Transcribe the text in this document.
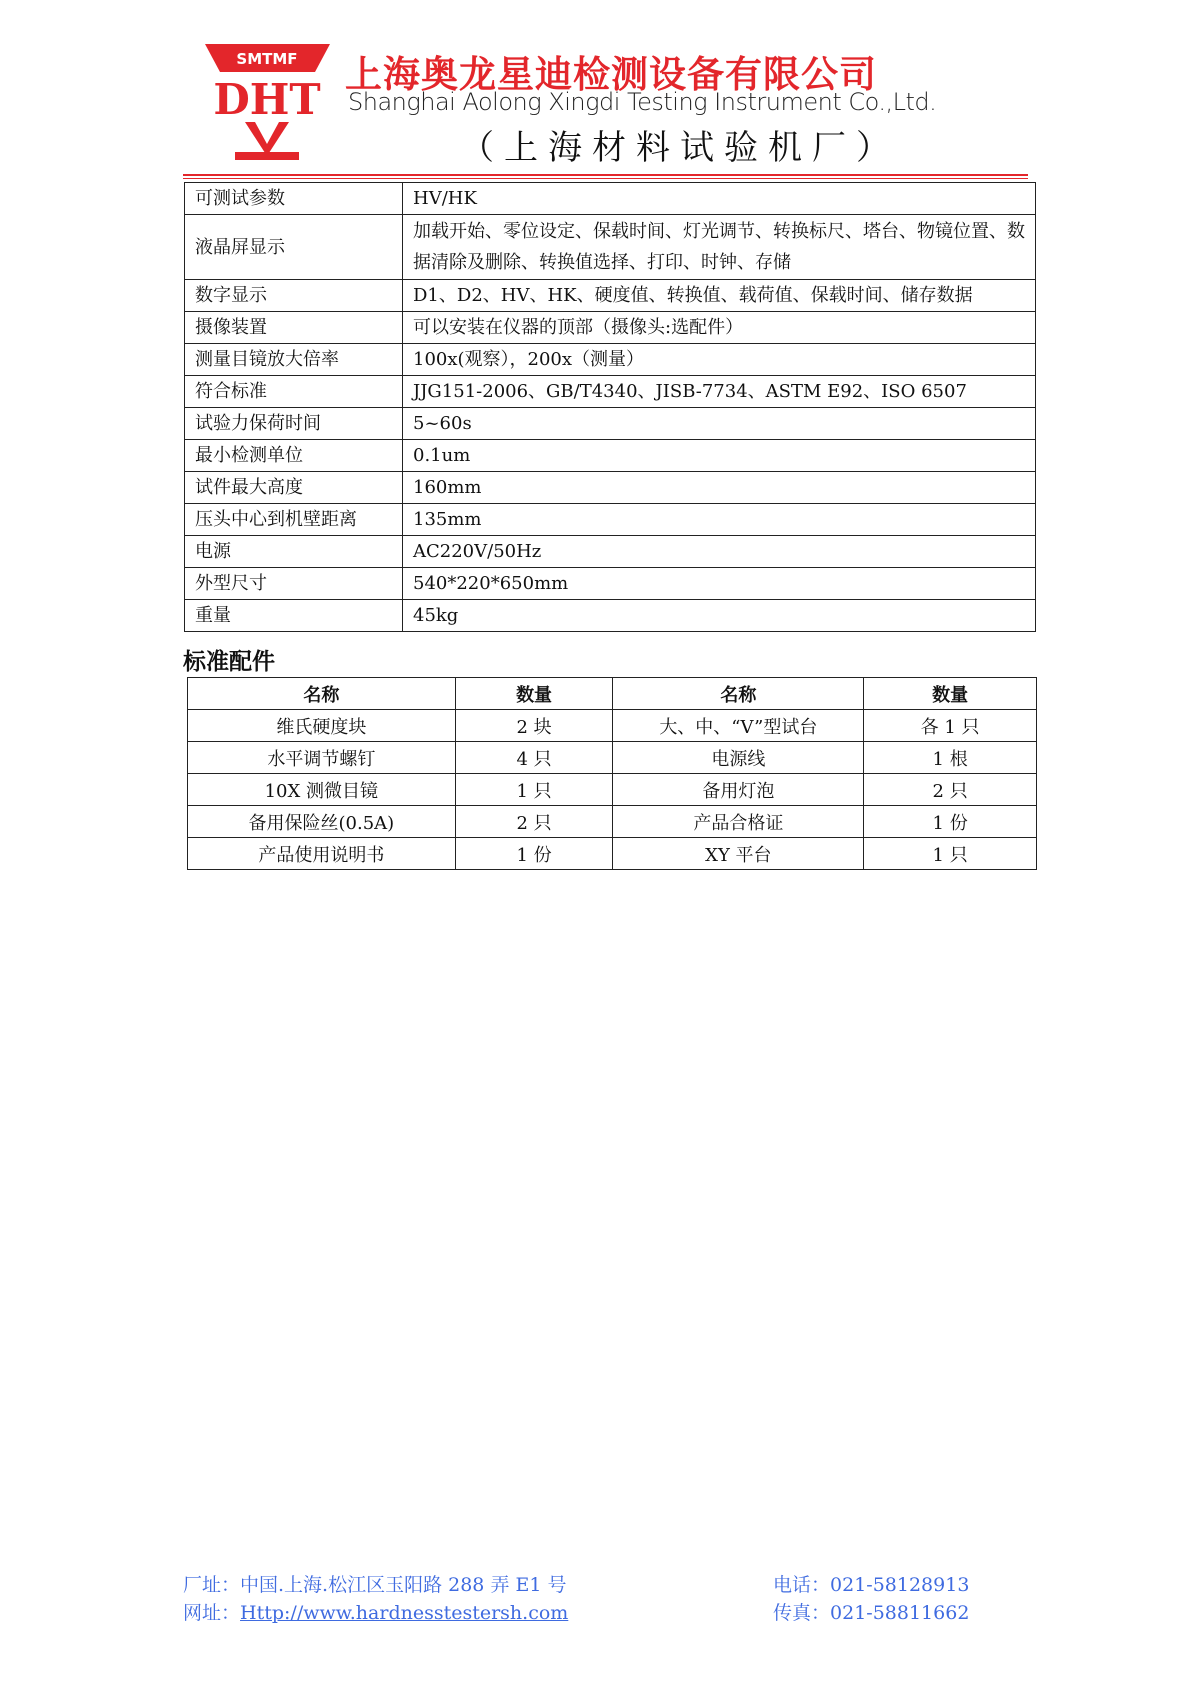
SMTMF
DHT
上海奥龙星迪检测设备有限公司
Shanghai Aolong Xingdi Testing Instrument Co.,Ltd.
（上海材料试验机厂）
可测试参数	HV/HK
液晶屏显示	加载开始、零位设定、保载时间、灯光调节、转换标尺、塔台、物镜位置、数据清除及删除、转换值选择、打印、时钟、存储
数字显示	D1、D2、HV、HK、硬度值、转换值、载荷值、保载时间、储存数据
摄像装置	可以安装在仪器的顶部（摄像头:选配件）
测量目镜放大倍率	100x(观察），200x（测量）
符合标准	JJG151-2006、GB/T4340、JISB-7734、ASTM E92、ISO 6507
试验力保荷时间	5~60s
最小检测单位	0.1um
试件最大高度	160mm
压头中心到机壁距离	135mm
电源	AC220V/50Hz
外型尺寸	540*220*650mm
重量	45kg
标准配件
名称	数量	名称	数量
维氏硬度块	2 块	大、中、“V”型试台	各 1 只
水平调节螺钉	4 只	电源线	1 根
10X 测微目镜	1 只	备用灯泡	2 只
备用保险丝(0.5A)	2 只	产品合格证	1 份
产品使用说明书	1 份	XY 平台	1 只
厂址：中国.上海.松江区玉阳路 288 弄 E1 号
网址：Http://www.hardnesstestersh.com
电话：021-58128913
传真：021-58811662
